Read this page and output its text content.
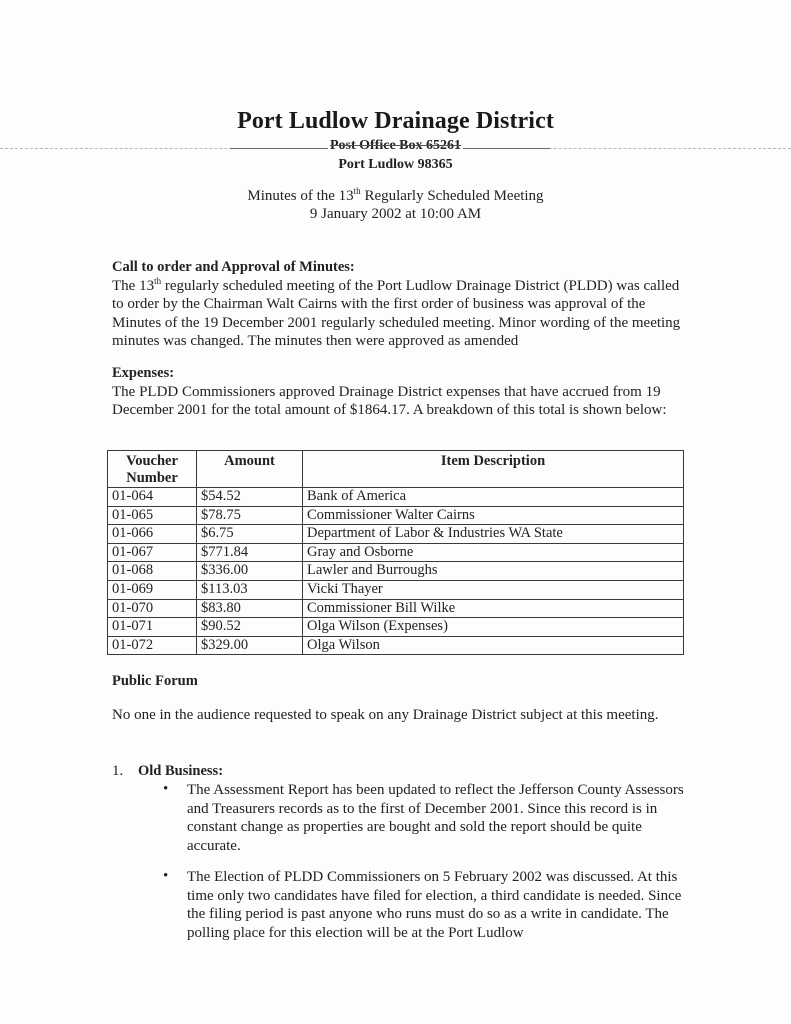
Port Ludlow Drainage District
Post Office Box 65261
Port Ludlow 98365
Minutes of the 13th Regularly Scheduled Meeting
9 January 2002 at 10:00 AM
Call to order and Approval of Minutes:

The 13th regularly scheduled meeting of the Port Ludlow Drainage District (PLDD) was called to order by the Chairman Walt Cairns with the first order of business was approval of the Minutes of the 19 December 2001 regularly scheduled meeting. Minor wording of the meeting minutes was changed. The minutes then were approved as amended

Expenses:

The PLDD Commissioners approved Drainage District expenses that have accrued from 19 December 2001 for the total amount of $1864.17. A breakdown of this total is shown below:

Voucher
Number	Amount	Item Description
01-064	$54.52	Bank of America
01-065	$78.75	Commissioner Walter Cairns
01-066	$6.75	Department of Labor & Industries WA State
01-067	$771.84	Gray and Osborne
01-068	$336.00	Lawler and Burroughs
01-069	$113.03	Vicki Thayer
01-070	$83.80	Commissioner Bill Wilke
01-071	$90.52	Olga Wilson (Expenses)
01-072	$329.00	Olga Wilson
Public Forum
No one in the audience requested to speak on any Drainage District subject at this meeting.
1. Old Business:
• The Assessment Report has been updated to reflect the Jefferson County Assessors and Treasurers records as to the first of December 2001. Since this record is in constant change as properties are bought and sold the report should be quite accurate.
• The Election of PLDD Commissioners on 5 February 2002 was discussed. At this time only two candidates have filed for election, a third candidate is needed. Since the filing period is past anyone who runs must do so as a write in candidate. The polling place for this election will be at the Port Ludlow
